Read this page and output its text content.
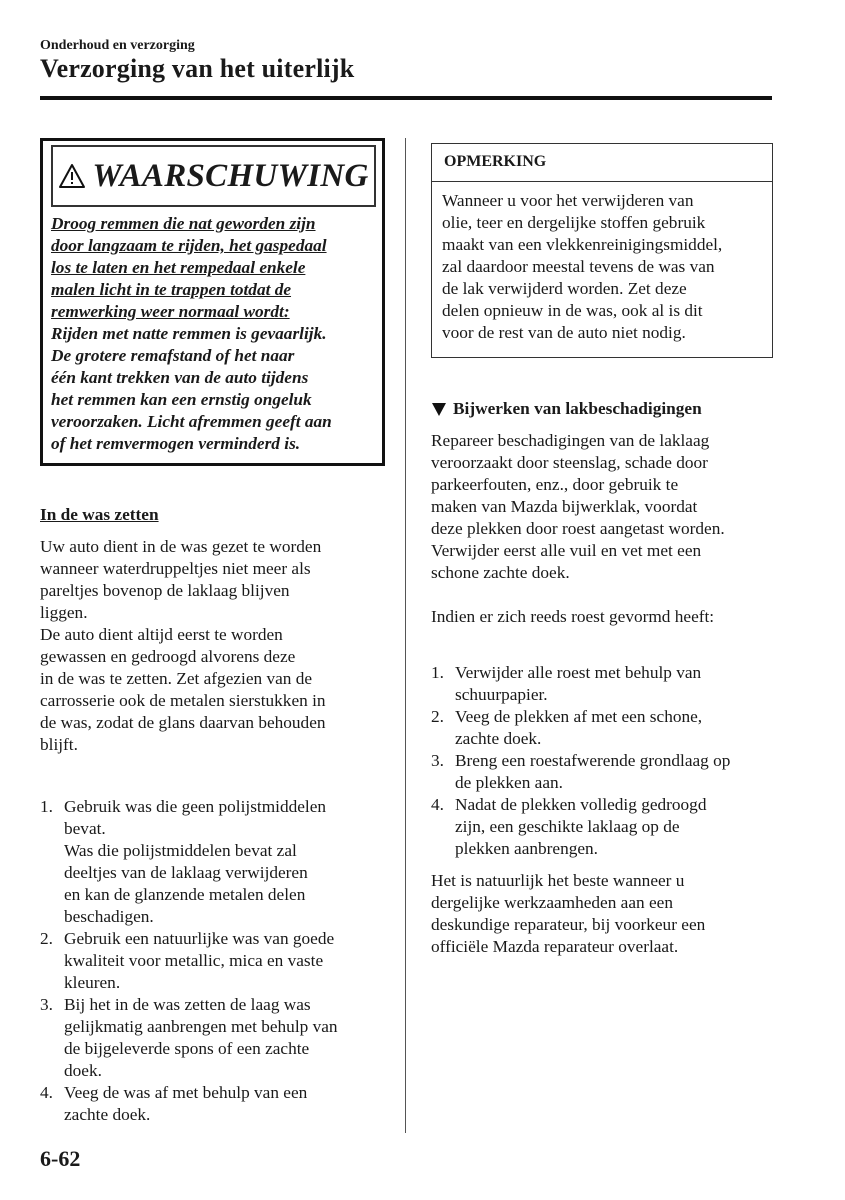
Onderhoud en verzorging
Verzorging van het uiterlijk
WAARSCHUWING
Droog remmen die nat geworden zijn
door langzaam te rijden, het gaspedaal
los te laten en het rempedaal enkele
malen licht in te trappen totdat de
remwerking weer normaal wordt:
Rijden met natte remmen is gevaarlijk.
De grotere remafstand of het naar
één kant trekken van de auto tijdens
het remmen kan een ernstig ongeluk
veroorzaken. Licht afremmen geeft aan
of het remvermogen verminderd is.
In de was zetten
Uw auto dient in de was gezet te worden
wanneer waterdruppeltjes niet meer als
pareltjes bovenop de laklaag blijven
liggen.
De auto dient altijd eerst te worden
gewassen en gedroogd alvorens deze
in de was te zetten. Zet afgezien van de
carrosserie ook de metalen sierstukken in
de was, zodat de glans daarvan behouden
blijft.
1. Gebruik was die geen polijstmiddelen
bevat.
Was die polijstmiddelen bevat zal
deeltjes van de laklaag verwijderen
en kan de glanzende metalen delen
beschadigen.
2. Gebruik een natuurlijke was van goede
kwaliteit voor metallic, mica en vaste
kleuren.
3. Bij het in de was zetten de laag was
gelijkmatig aanbrengen met behulp van
de bijgeleverde spons of een zachte
doek.
4. Veeg de was af met behulp van een
zachte doek.
OPMERKING
Wanneer u voor het verwijderen van
olie, teer en dergelijke stoffen gebruik
maakt van een vlekkenreinigingsmiddel,
zal daardoor meestal tevens de was van
de lak verwijderd worden. Zet deze
delen opnieuw in de was, ook al is dit
voor de rest van de auto niet nodig.
Bijwerken van lakbeschadigingen
Repareer beschadigingen van de laklaag
veroorzaakt door steenslag, schade door
parkeerfouten, enz., door gebruik te
maken van Mazda bijwerklak, voordat
deze plekken door roest aangetast worden.
Verwijder eerst alle vuil en vet met een
schone zachte doek.
Indien er zich reeds roest gevormd heeft:
1. Verwijder alle roest met behulp van
schuurpapier.
2. Veeg de plekken af met een schone,
zachte doek.
3. Breng een roestafwerende grondlaag op
de plekken aan.
4. Nadat de plekken volledig gedroogd
zijn, een geschikte laklaag op de
plekken aanbrengen.
Het is natuurlijk het beste wanneer u
dergelijke werkzaamheden aan een
deskundige reparateur, bij voorkeur een
officiële Mazda reparateur overlaat.
6-62
